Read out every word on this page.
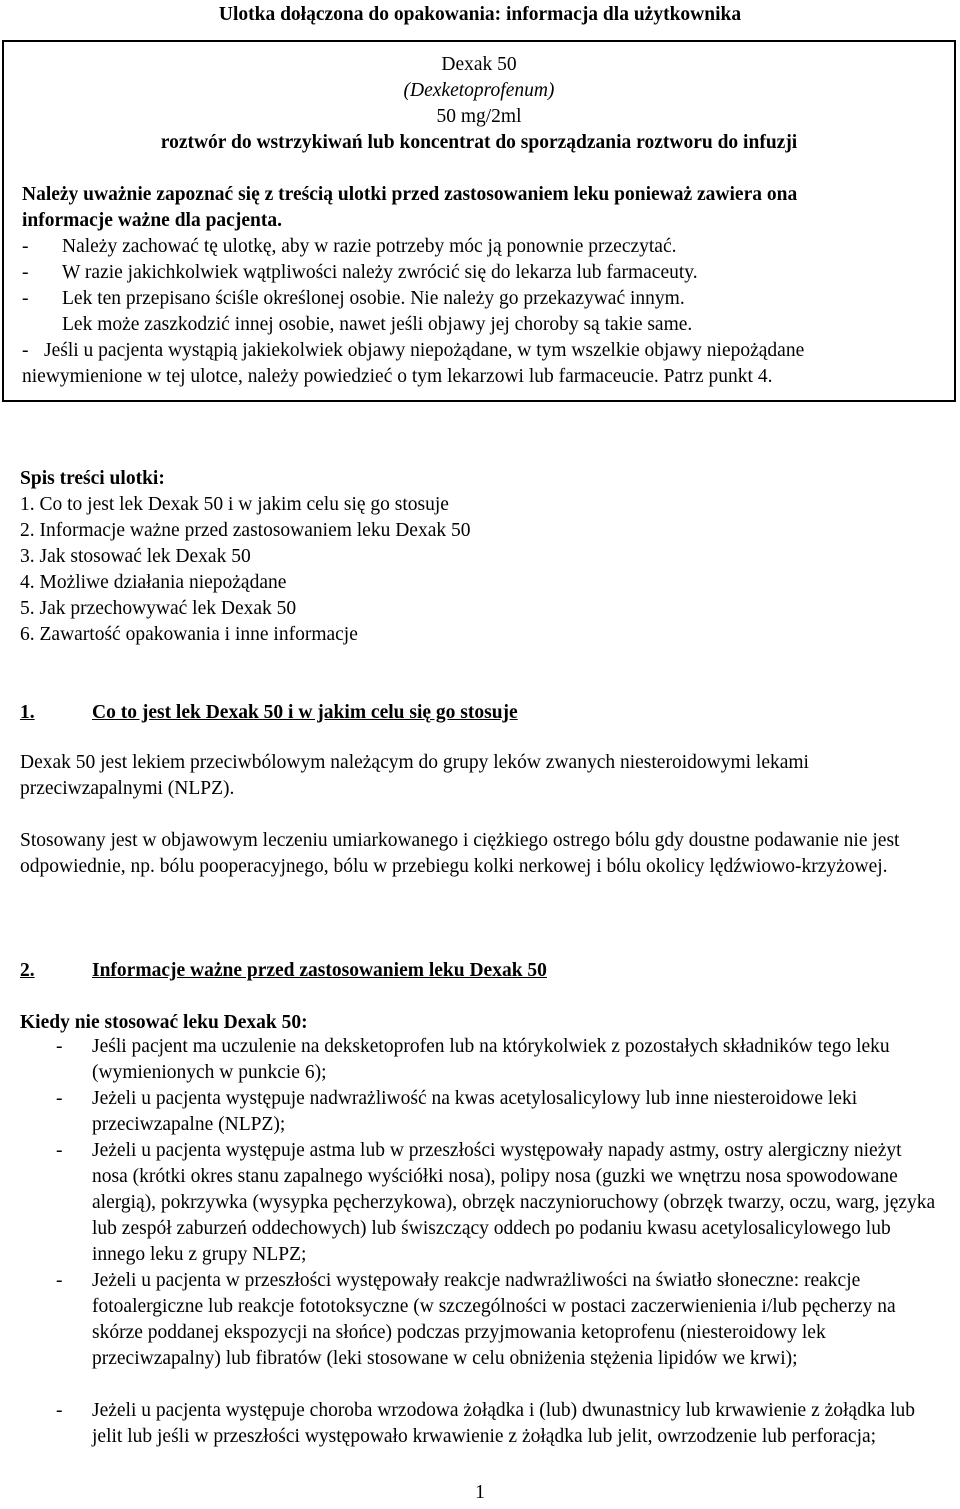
Ulotka dołączona do opakowania: informacja dla użytkownika
Dexak 50
(Dexketoprofenum)
50 mg/2ml
roztwór do wstrzykiwań lub koncentrat do sporządzania roztworu do infuzji
Należy uważnie zapoznać się z treścią ulotki przed zastosowaniem leku ponieważ zawiera ona
informacje ważne dla pacjenta.
- Należy zachować tę ulotkę, aby w razie potrzeby móc ją ponownie przeczytać.
- W razie jakichkolwiek wątpliwości należy zwrócić się do lekarza lub farmaceuty.
- Lek ten przepisano ściśle określonej osobie. Nie należy go przekazywać innym.
Lek może zaszkodzić innej osobie, nawet jeśli objawy jej choroby są takie same.
- Jeśli u pacjenta wystąpią jakiekolwiek objawy niepożądane, w tym wszelkie objawy niepożądane
niewymienione w tej ulotce, należy powiedzieć o tym lekarzowi lub farmaceucie. Patrz punkt 4.
Spis treści ulotki:
1. Co to jest lek Dexak 50 i w jakim celu się go stosuje
2. Informacje ważne przed zastosowaniem leku Dexak 50
3. Jak stosować lek Dexak 50
4. Możliwe działania niepożądane
5. Jak przechowywać lek Dexak 50
6. Zawartość opakowania i inne informacje
1.	Co to jest lek Dexak 50 i w jakim celu się go stosuje
Dexak 50 jest lekiem przeciwbólowym należącym do grupy leków zwanych niesteroidowymi lekami przeciwzapalnymi (NLPZ).
Stosowany jest w objawowym leczeniu umiarkowanego i ciężkiego ostrego bólu gdy doustne podawanie nie jest odpowiednie, np. bólu pooperacyjnego, bólu w przebiegu kolki nerkowej i bólu okolicy lędźwiowo-krzyżowej.
2.	Informacje ważne przed zastosowaniem leku Dexak 50
Kiedy nie stosować leku Dexak 50:
- Jeśli pacjent ma uczulenie na deksketoprofen lub na którykolwiek z pozostałych składników tego leku (wymienionych w punkcie 6);
- Jeżeli u pacjenta występuje nadwrażliwość na kwas acetylosalicylowy lub inne niesteroidowe leki przeciwzapalne (NLPZ);
- Jeżeli u pacjenta występuje astma lub w przeszłości występowały napady astmy, ostry alergiczny nieżyt nosa (krótki okres stanu zapalnego wyściółki nosa), polipy nosa (guzki we wnętrzu nosa spowodowane alergią), pokrzywka (wysypka pęcherzykowa), obrzęk naczynioruchowy (obrzęk twarzy, oczu, warg, języka lub zespół zaburzeń oddechowych) lub świszczący oddech po podaniu kwasu acetylosalicylowego lub innego leku z grupy NLPZ;
- Jeżeli u pacjenta w przeszłości występowały reakcje nadwrażliwości na światło słoneczne: reakcje fotoalergiczne lub reakcje fototoksyczne (w szczególności w postaci zaczerwienienia i/lub pęcherzy na skórze poddanej ekspozycji na słońce) podczas przyjmowania ketoprofenu (niesteroidowy lek przeciwzapalny) lub fibratów (leki stosowane w celu obniżenia stężenia lipidów we krwi);
- Jeżeli u pacjenta występuje choroba wrzodowa żołądka i (lub) dwunastnicy lub krwawienie z żołądka lub jelit lub jeśli w przeszłości występowało krwawienie z żołądka lub jelit, owrzodzenie lub perforacja;
1
